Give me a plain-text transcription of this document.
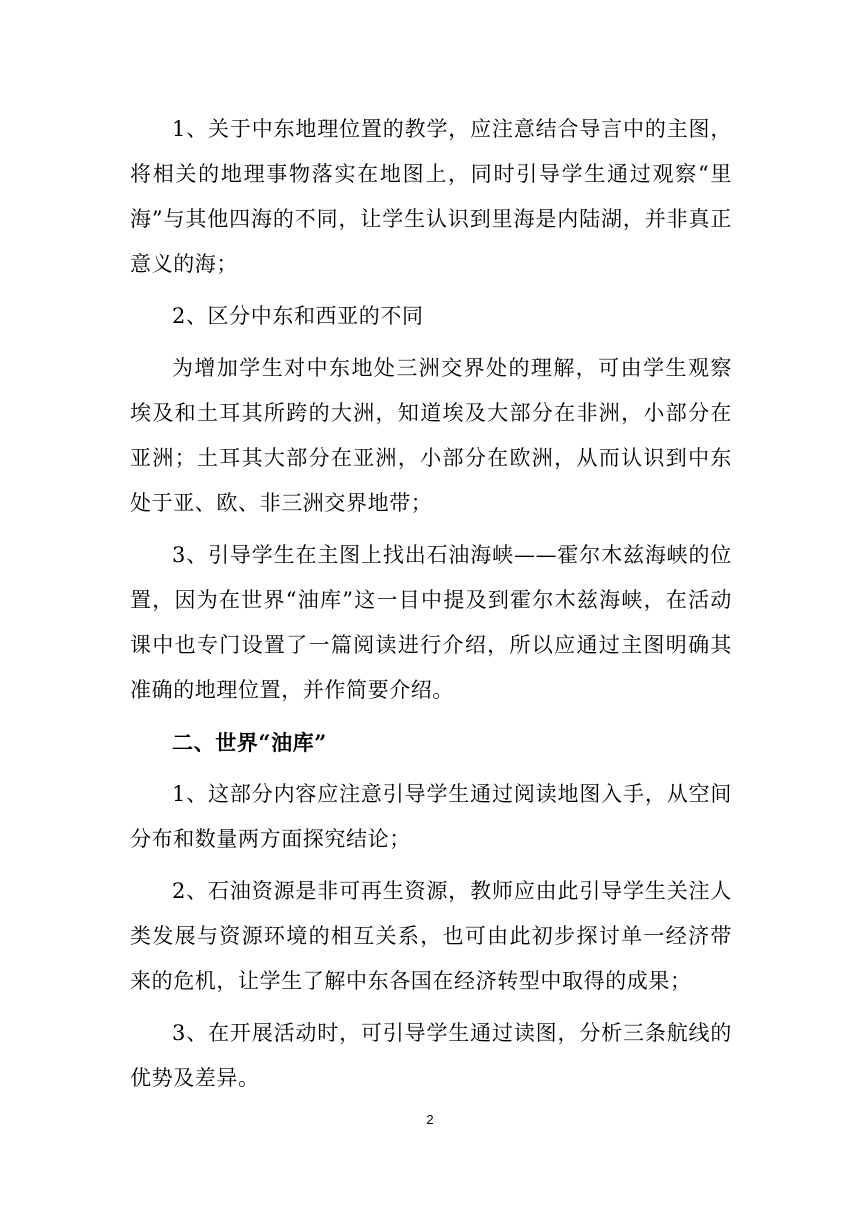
1、关于中东地理位置的教学，应注意结合导言中的主图，将相关的地理事物落实在地图上，同时引导学生通过观察“里海”与其他四海的不同，让学生认识到里海是内陆湖，并非真正意义的海；

2、区分中东和西亚的不同

为增加学生对中东地处三洲交界处的理解，可由学生观察埃及和土耳其所跨的大洲，知道埃及大部分在非洲，小部分在亚洲；土耳其大部分在亚洲，小部分在欧洲，从而认识到中东处于亚、欧、非三洲交界地带；

3、引导学生在主图上找出石油海峡——霍尔木兹海峡的位置，因为在世界“油库”这一目中提及到霍尔木兹海峡，在活动课中也专门设置了一篇阅读进行介绍，所以应通过主图明确其准确的地理位置，并作简要介绍。

二、世界“油库”

1、这部分内容应注意引导学生通过阅读地图入手，从空间分布和数量两方面探究结论；

2、石油资源是非可再生资源，教师应由此引导学生关注人类发展与资源环境的相互关系，也可由此初步探讨单一经济带来的危机，让学生了解中东各国在经济转型中取得的成果；

3、在开展活动时，可引导学生通过读图，分析三条航线的优势及差异。

2
